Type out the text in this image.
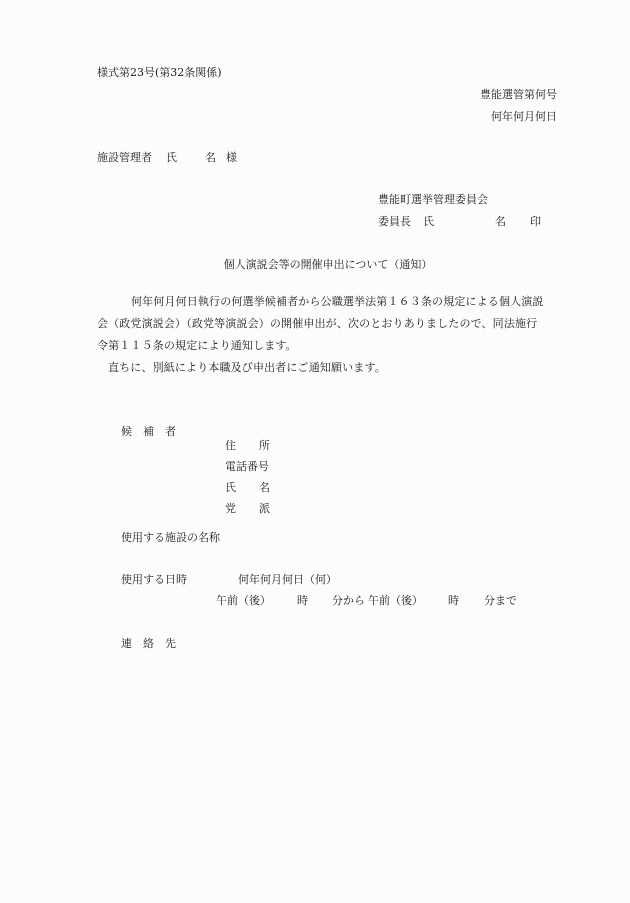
様式第23号(第32条関係)
豊能選管第何号
何年何月何日
施設管理者 氏	名 様
豊能町選挙管理委員会
委員長 氏	名 印
個人演説会等の開催申出について（通知）
何年何月何日執行の何選挙候補者から公職選挙法第１６３条の規定による個人演説
会（政党演説会）（政党等演説会）の開催申出が、次のとおりありましたので、同法施行
令第１１５条の規定により通知します。
直ちに、別紙により本職及び申出者にご通知願います。
候　補　者

住
	所

電話番号

氏
	名

党
	派

使用する施設の名称
使用する日時	何年何月何日（何）
午前（後） 時 分から 午前（後） 時 分まで
連　絡　先
